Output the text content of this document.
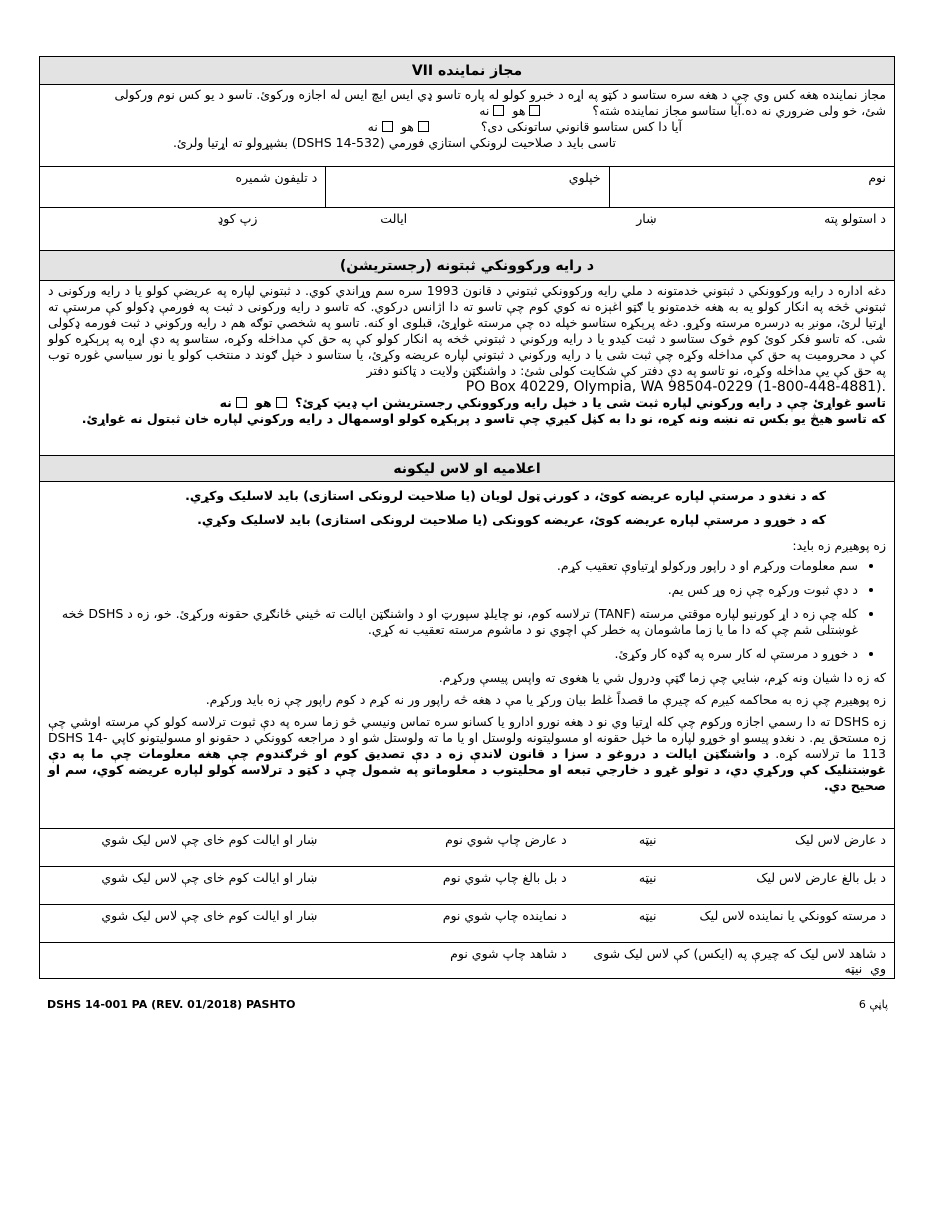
VII مجاز نماينده
مجاز نماينده هغه کس وي چې د هغه سره ستاسو د کټو په اړه د خبرو کولو له پاره تاسو ډي ايس ايچ ايس له اجازه ورکوئ. تاسو د يو کس نوم ورکولی
شئ، خو ولی ضروري نه ده.آیا ستاسو مجاز نماينده شته؟  هو نه
آيا دا کس ستاسو قانوني ساتونکی دی؟  هو نه
تاسی باید د صلاحیت لرونکي استازي فورمي (DSHS 14-532) بشپړولو ته اړتيا ولرئ.
نوم
خپلوي
د تليفون شميره
د استولو پته
ښار
ايالت
زپ کوډ
د رايه ورکوونکي ثبتونه (رجستريشن)
دغه اداره د رايه ورکوونکي د ثبتوني خدمتونه د ملي رايه ورکوونکي ثبتوني د قانون 1993 سره سم وړاندي کوي. د ثبتوني لپاره په عريضې کولو یا د رايه ورکونی د ثبتوني څخه په انکار کولو يه به هغه خدمتونو يا ګټو اغېزه نه کوي کوم چې تاسو ته دا اژانس درکوي. که تاسو د رايه ورکونی د ثبت په فورمې ډکولو کې مرستې ته اړتيا لرئ، مونږ به درسره مرسته وکړو. دغه پرېکړه ستاسو خپله ده چې مرسته غواړئ، قبلوی او کنه. تاسو په شخصي توګه هم د رايه ورکوني د ثبت فورمه ډکولی شی. که تاسو فکر کوئ کوم څوک ستاسو د ثبت کيدو يا د رايه ورکوني د ثبتوني څخه په انکار کولو کې په حق کې مداخله وکړه، ستاسو په دې اړه په پرېکړه کولو کې د محروميت په حق کې مداخله وکړه چې ثبت شی يا د رايه ورکوني د ثبتوني لپاره عريضه وکړئ، يا ستاسو د خپل ګوند د منتخب کولو يا نور سياسي غوره توب په حق کې يې مداخله وکړه، نو تاسو په دې دفتر کې شکايت کولی شئ: د واشنګټن ولايت د ټاکنو دفتر
PO Box 40229, Olympia, WA 98504-0229 (1-800-448-4881).
تاسو غواړئ چې د رايه ورکوني لپاره ثبت شی يا د خپل رايه ورکوونکي رجستريشن اپ ډيټ کړئ؟ هو نه
که تاسو هيڅ يو بکس ته نښه ونه کړه، نو دا به کڼل کيږي چې تاسو د پرېکړه کولو اوسمهال د رايه ورکوني لپاره خان ثبتول نه غواړئ.
اعلاميه او لاس ليکونه
که د نغدو د مرستې لپاره عريضه کوئ، د کورنۍ ټول لويان (يا صلاحيت لرونکی استازی) بايد لاسليک وکړي.
که د خوړو د مرستې لپاره عريضه کوئ، عريضه کوونکی (يا صلاحيت لرونکی استازی) بايد لاسليک وکړي.
زه پوهيږم زه بايد:
• سم معلومات ورکړم او د راپور ورکولو اړتياوې تعقيب کړم.
• د دې ثبوت ورکړه چې زه وړ کس يم.
• کله چې زه د اړ کورنيو لپاره موقتي مرسته (TANF) ترلاسه کوم، نو چايلډ سپورټ او د واشنګټن ايالت ته څيني ځانګړي حقونه ورکړئ. خو، زه د DSHS څخه غوښتلی شم چې که دا ما يا زما ماشومان په خطر کې اچوي نو د ماشوم مرسته تعقيب نه کړي.
• د خوړو د مرستې له کار سره په ګډه کار وکړئ.
که زه دا شيان ونه کړم، ښايي چې زما ګټې ودرول شي يا هغوی ته واپس پيسې ورکړم.
زه پوهيږم چې زه به محاکمه کيږم که چيرې ما قصداً غلط بيان ورکړ يا مې د هغه څه راپور ور نه کړم د کوم راپور چې زه بايد ورکړم.
زه DSHS ته دا رسمي اجازه ورکوم چې کله اړتيا وي نو د هغه نورو ادارو يا کسانو سره تماس ونيسي څو زما سره په دې ثبوت ترلاسه کولو کې مرسته اوشي چې زه مستحق يم. د نغدو پيسو او خوړو لپاره ما خپل حقونه او مسولیتونه ولوستل او يا ما ته ولوستل شو او د مراجعه کوونکي د حقونو او مسولیتونو کاپي DSHS 14-113 ما ترلاسه کړه. د واشنګټن ايالت د دروغو د سزا د قانون لاندې زه د دې تصديق کوم او څرګندوم چې هغه معلومات چې ما په دې غوښتنليک کې ورکړي دي، د تولو غړو د خارجي تبعه او محليتوب د معلوماتو په شمول چې د کټو د ترلاسه کولو لپاره عريضه کوي، سم او صحيح دي.
د عارض لاس ليک
نيټه
د عارض چاپ شوي نوم
ښار او ايالت کوم خای چې لاس ليک شوي
د بل بالغ عارض لاس ليک
نيټه
د بل بالغ چاپ شوي نوم
ښار او ايالت کوم خای چې لاس ليک شوي
د مرسته کوونکي يا نماينده لاس ليک
نيټه
د نماينده چاپ شوي نوم
ښار او ايالت کوم خای چې لاس ليک شوي
د شاهد لاس ليک که چيرې په (ايکس) کې لاس ليک شوی وي  نيټه
د شاهد چاپ شوي نوم
DSHS 14-001 PA (REV. 01/2018) PASHTO	پاڼې 6
